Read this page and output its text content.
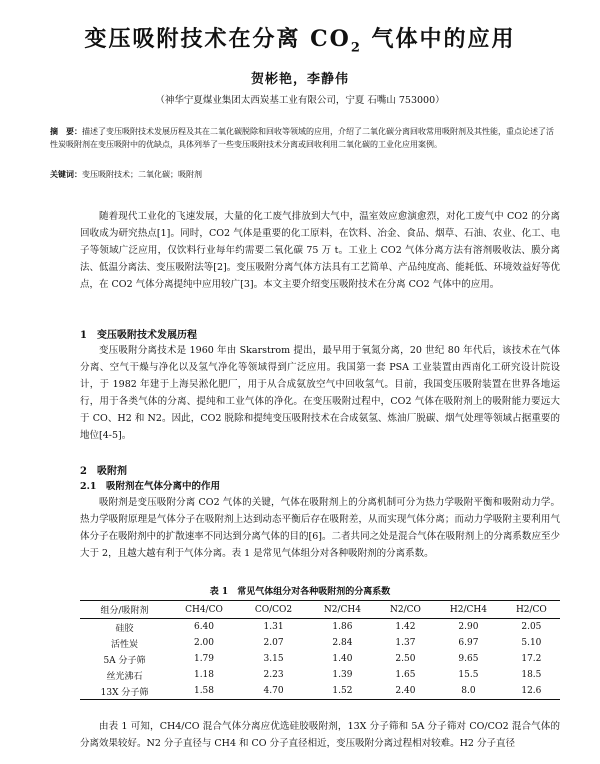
变压吸附技术在分离 $CO_2$ 气体中的应用
贺彬艳，李静伟
（神华宁夏煤业集团太西炭基工业有限公司，宁夏 石嘴山 753000）
摘　要：描述了变压吸附技术发展历程及其在二氧化碳脱除和回收等领域的应用，介绍了二氧化碳分离回收常用吸附剂及其性能，重点论述了活性炭吸附剂在变压吸附中的优缺点，具体列举了一些变压吸附技术分离或回收利用二氧化碳的工业化应用案例。
关键词：变压吸附技术；二氧化碳；吸附剂

随着现代工业化的飞速发展，大量的化工废气排放到大气中，温室效应愈演愈烈，对化工废气中 CO2 的分离回收成为研究热点[1]。同时，CO2 气体是重要的化工原料，在饮料、冶金、食品、烟草、石油、农业、化工、电子等领域广泛应用，仅饮料行业每年约需要二氧化碳 75 万 t。工业上 CO2 气体分离方法有溶剂吸收法、膜分离法、低温分离法、变压吸附法等[2]。变压吸附分离气体方法具有工艺简单、产品纯度高、能耗低、环境效益好等优点，在 CO2 气体分离提纯中应用较广[3]。本文主要介绍变压吸附技术在分离 CO2 气体中的应用。

1　变压吸附技术发展历程

变压吸附分离技术是 1960 年由 Skarstrom 提出，最早用于氧氮分离，20 世纪 80 年代后，该技术在气体分离、空气干燥与净化以及氢气净化等领域得到广泛应用。我国第一套 PSA 工业装置由西南化工研究设计院设计，于 1982 年建于上海吴淞化肥厂，用于从合成氨放空气中回收氢气。目前，我国变压吸附装置在世界各地运行，用于各类气体的分离、提纯和工业气体的净化。在变压吸附过程中，CO2 气体在吸附剂上的吸附能力要远大于 CO、H2 和 N2。因此，CO2 脱除和提纯变压吸附技术在合成氨氢、炼油厂脱碳、烟气处理等领域占据重要的地位[4-5]。

2　吸附剂
2.1　吸附剂在气体分离中的作用

吸附剂是变压吸附分离 CO2 气体的关键，气体在吸附剂上的分离机制可分为热力学吸附平衡和吸附动力学。热力学吸附原理是气体分子在吸附剂上达到动态平衡后存在吸附差，从而实现气体分离；而动力学吸附主要利用气体分子在吸附剂中的扩散速率不同达到分离气体的目的[6]。二者共同之处是混合气体在吸附剂上的分离系数应至少大于 2，且越大越有利于气体分离。表 1 是常见气体组分对各种吸附剂的分离系数。

表 1　常见气体组分对各种吸附剂的分离系数
组分/吸附剂	CH4/CO	CO/CO2	N2/CH4	N2/CO	H2/CH4	H2/CO
硅胶	6.40	1.31	1.86	1.42	2.90	2.05
活性炭	2.00	2.07	2.84	1.37	6.97	5.10
5A 分子筛	1.79	3.15	1.40	2.50	9.65	17.2
丝光沸石	1.18	2.23	1.39	1.65	15.5	18.5
13X 分子筛	1.58	4.70	1.52	2.40	8.0	12.6

由表 1 可知，CH4/CO 混合气体分离应优选硅胶吸附剂，13X 分子筛和 5A 分子筛对 CO/CO2 混合气体的分离效果较好。N2 分子直径与 CH4 和 CO 分子直径相近，变压吸附分离过程相对较难。H2 分子直径
